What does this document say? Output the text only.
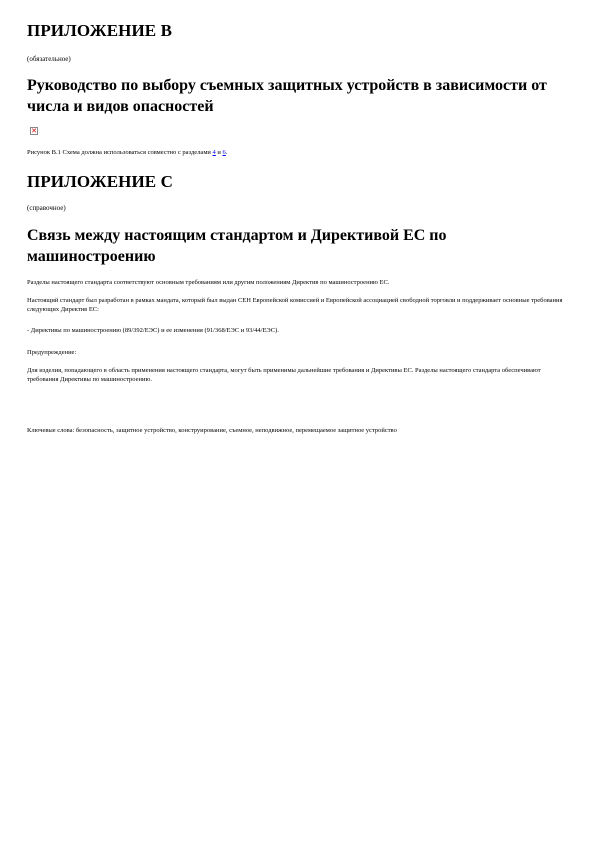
ПРИЛОЖЕНИЕ В

(обязательное)

Руководство по выбору съемных защитных устройств в зависимости от числа и видов опасностей
✕

Рисунок В.1 Схема должна использоваться совместно с разделами 4 и 6.

ПРИЛОЖЕНИЕ С

(справочное)

Связь между настоящим стандартом и Директивой ЕС по машиностроению

Разделы настоящего стандарта соответствуют основным требованиям или другим положениям Директив по машиностроению ЕС.

Настоящий стандарт был разработан в рамках мандата, который был выдан СЕН Европейской комиссией и Европейской ассоциацией свободной торговли и поддерживает основные требования следующих Директив ЕС:

- Директивы по машиностроению (89/392/ЕЭС) и ее изменения (91/368/ЕЭС и 93/44/ЕЭС).

Предупреждение:

Для изделия, попадающего в область применения настоящего стандарта, могут быть применимы дальнейшие требования и Директивы ЕС. Разделы настоящего стандарта обеспечивают требования Директивы по машиностроению.

Ключевые слова: безопасность, защитное устройство, конструирование, съемное, неподвижное, перемещаемое защитное устройство
